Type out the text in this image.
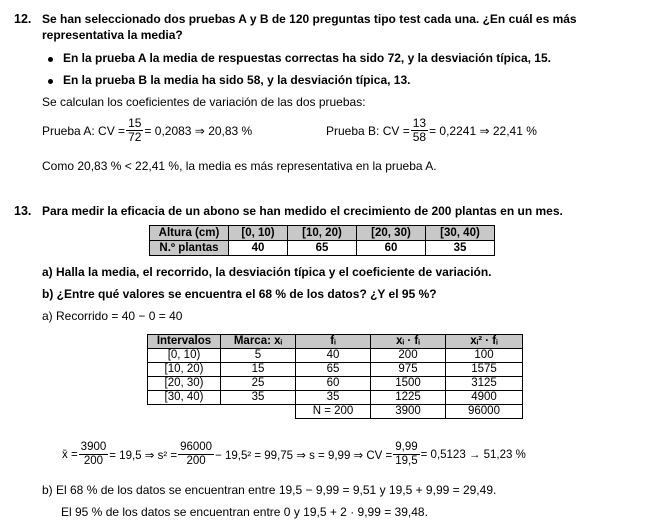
12. Se han seleccionado dos pruebas A y B de 120 preguntas tipo test cada una. ¿En cuál es más
representativa la media?
En la prueba A la media de respuestas correctas ha sido 72, y la desviación típica, 15.
En la prueba B la media ha sido 58, y la desviación típica, 13.
Se calculan los coeficientes de variación de las dos pruebas:
Prueba A: CV = $\frac{15}{72} = 0,2083$ ⇒ 20,83 %	Prueba B: CV = $\frac{13}{58} = 0,2241$ ⇒ 22,41 %
Como 20,83 % < 22,41 %, la media es más representativa en la prueba A.
13. Para medir la eficacia de un abono se han medido el crecimiento de 200 plantas en un mes.
Altura (cm)	[0, 10)	[10, 20)	[20, 30)	[30, 40)
N.º plantas	40	65	60	35
a) Halla la media, el recorrido, la desviación típica y el coeficiente de variación.
b) ¿Entre qué valores se encuentra el 68 % de los datos? ¿Y el 95 %?
a) Recorrido = 40 − 0 = 40
Intervalos	Marca: xᵢ	fᵢ	xᵢ · fᵢ	xᵢ² · fᵢ
[0, 10)	5	40	200	100
[10, 20)	15	65	975	1575
[20, 30)	25	60	1500	3125
[30, 40)	35	35	1225	4900
		N = 200	3900	96000
x̄ = $\frac{3900}{200} = 19,5$ ⇒ $s^2 = \frac{96000}{200} - 19,5^2 = 99,75$ ⇒ s = 9,99 ⇒ CV = $\frac{9,99}{19,5} = 0,5123 \to 51,23$ %
b) El 68 % de los datos se encuentran entre 19,5 − 9,99 = 9,51 y 19,5 + 9,99 = 29,49.
El 95 % de los datos se encuentran entre 0 y 19,5 + 2 · 9,99 = 39,48.
